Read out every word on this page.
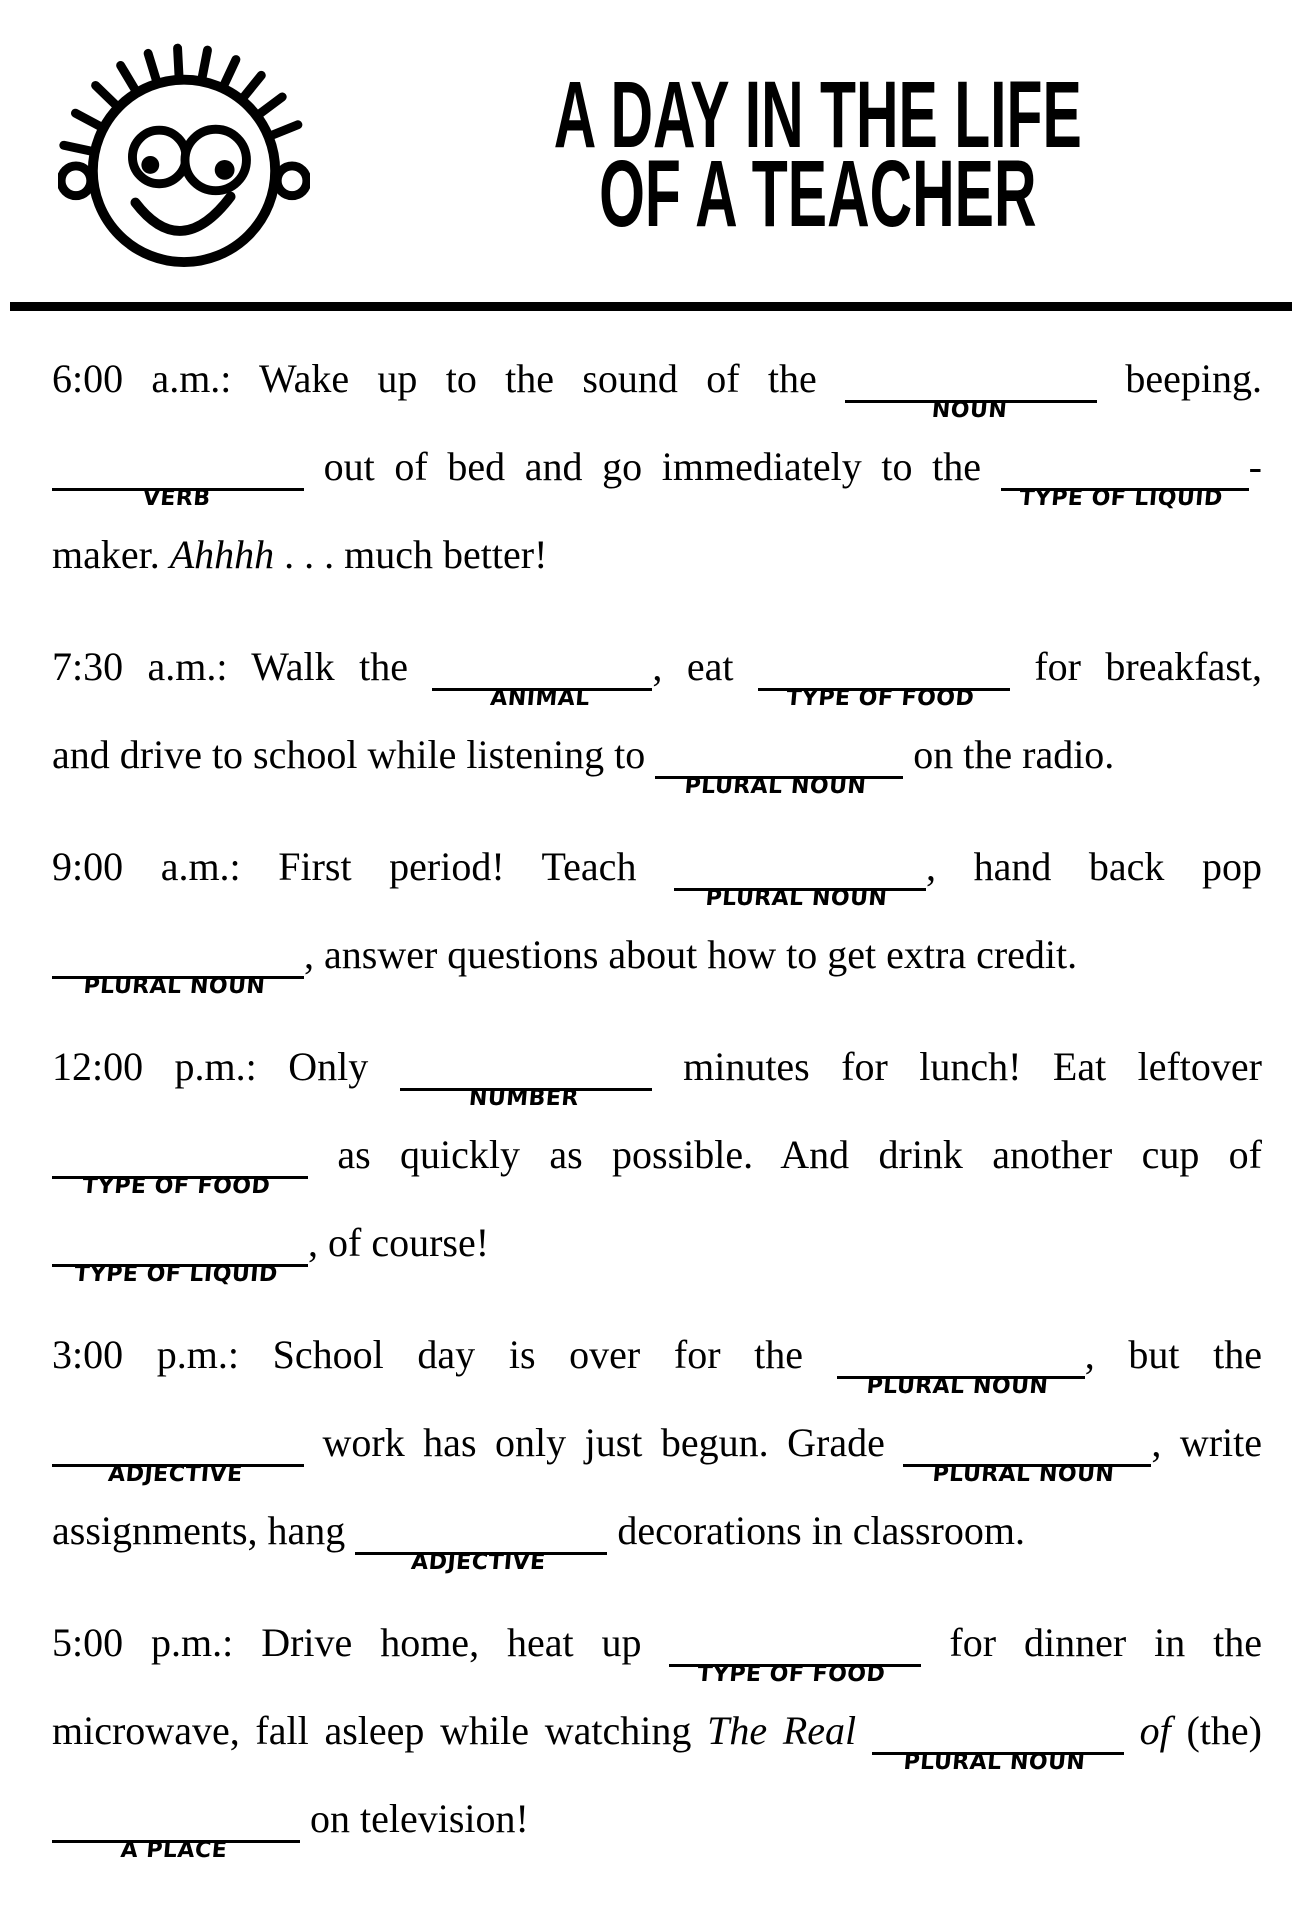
A DAY IN THE LIFE
OF A TEACHER
6:00 a.m.: Wake up to the sound of the
NOUN
beeping.
VERB
out of bed and go immediately to the
TYPE OF LIQUID
-
maker. Ahhhh . . . much better!
7:30 a.m.: Walk the
ANIMAL
, eat
TYPE OF FOOD
for breakfast,
and drive to school while listening to
PLURAL NOUN
on the radio.
9:00 a.m.: First period! Teach
PLURAL NOUN
, hand back pop
PLURAL NOUN
, answer questions about how to get extra credit.
12:00 p.m.: Only
NUMBER
minutes for lunch! Eat leftover
TYPE OF FOOD
as quickly as possible. And drink another cup of
TYPE OF LIQUID
, of course!
3:00 p.m.: School day is over for the
PLURAL NOUN
, but the
ADJECTIVE
work has only just begun. Grade
PLURAL NOUN
, write
assignments, hang
ADJECTIVE
decorations in classroom.
5:00 p.m.: Drive home, heat up
TYPE OF FOOD
for dinner in the
microwave, fall asleep while watching The Real
PLURAL NOUN
of (the)
A PLACE
on television!
